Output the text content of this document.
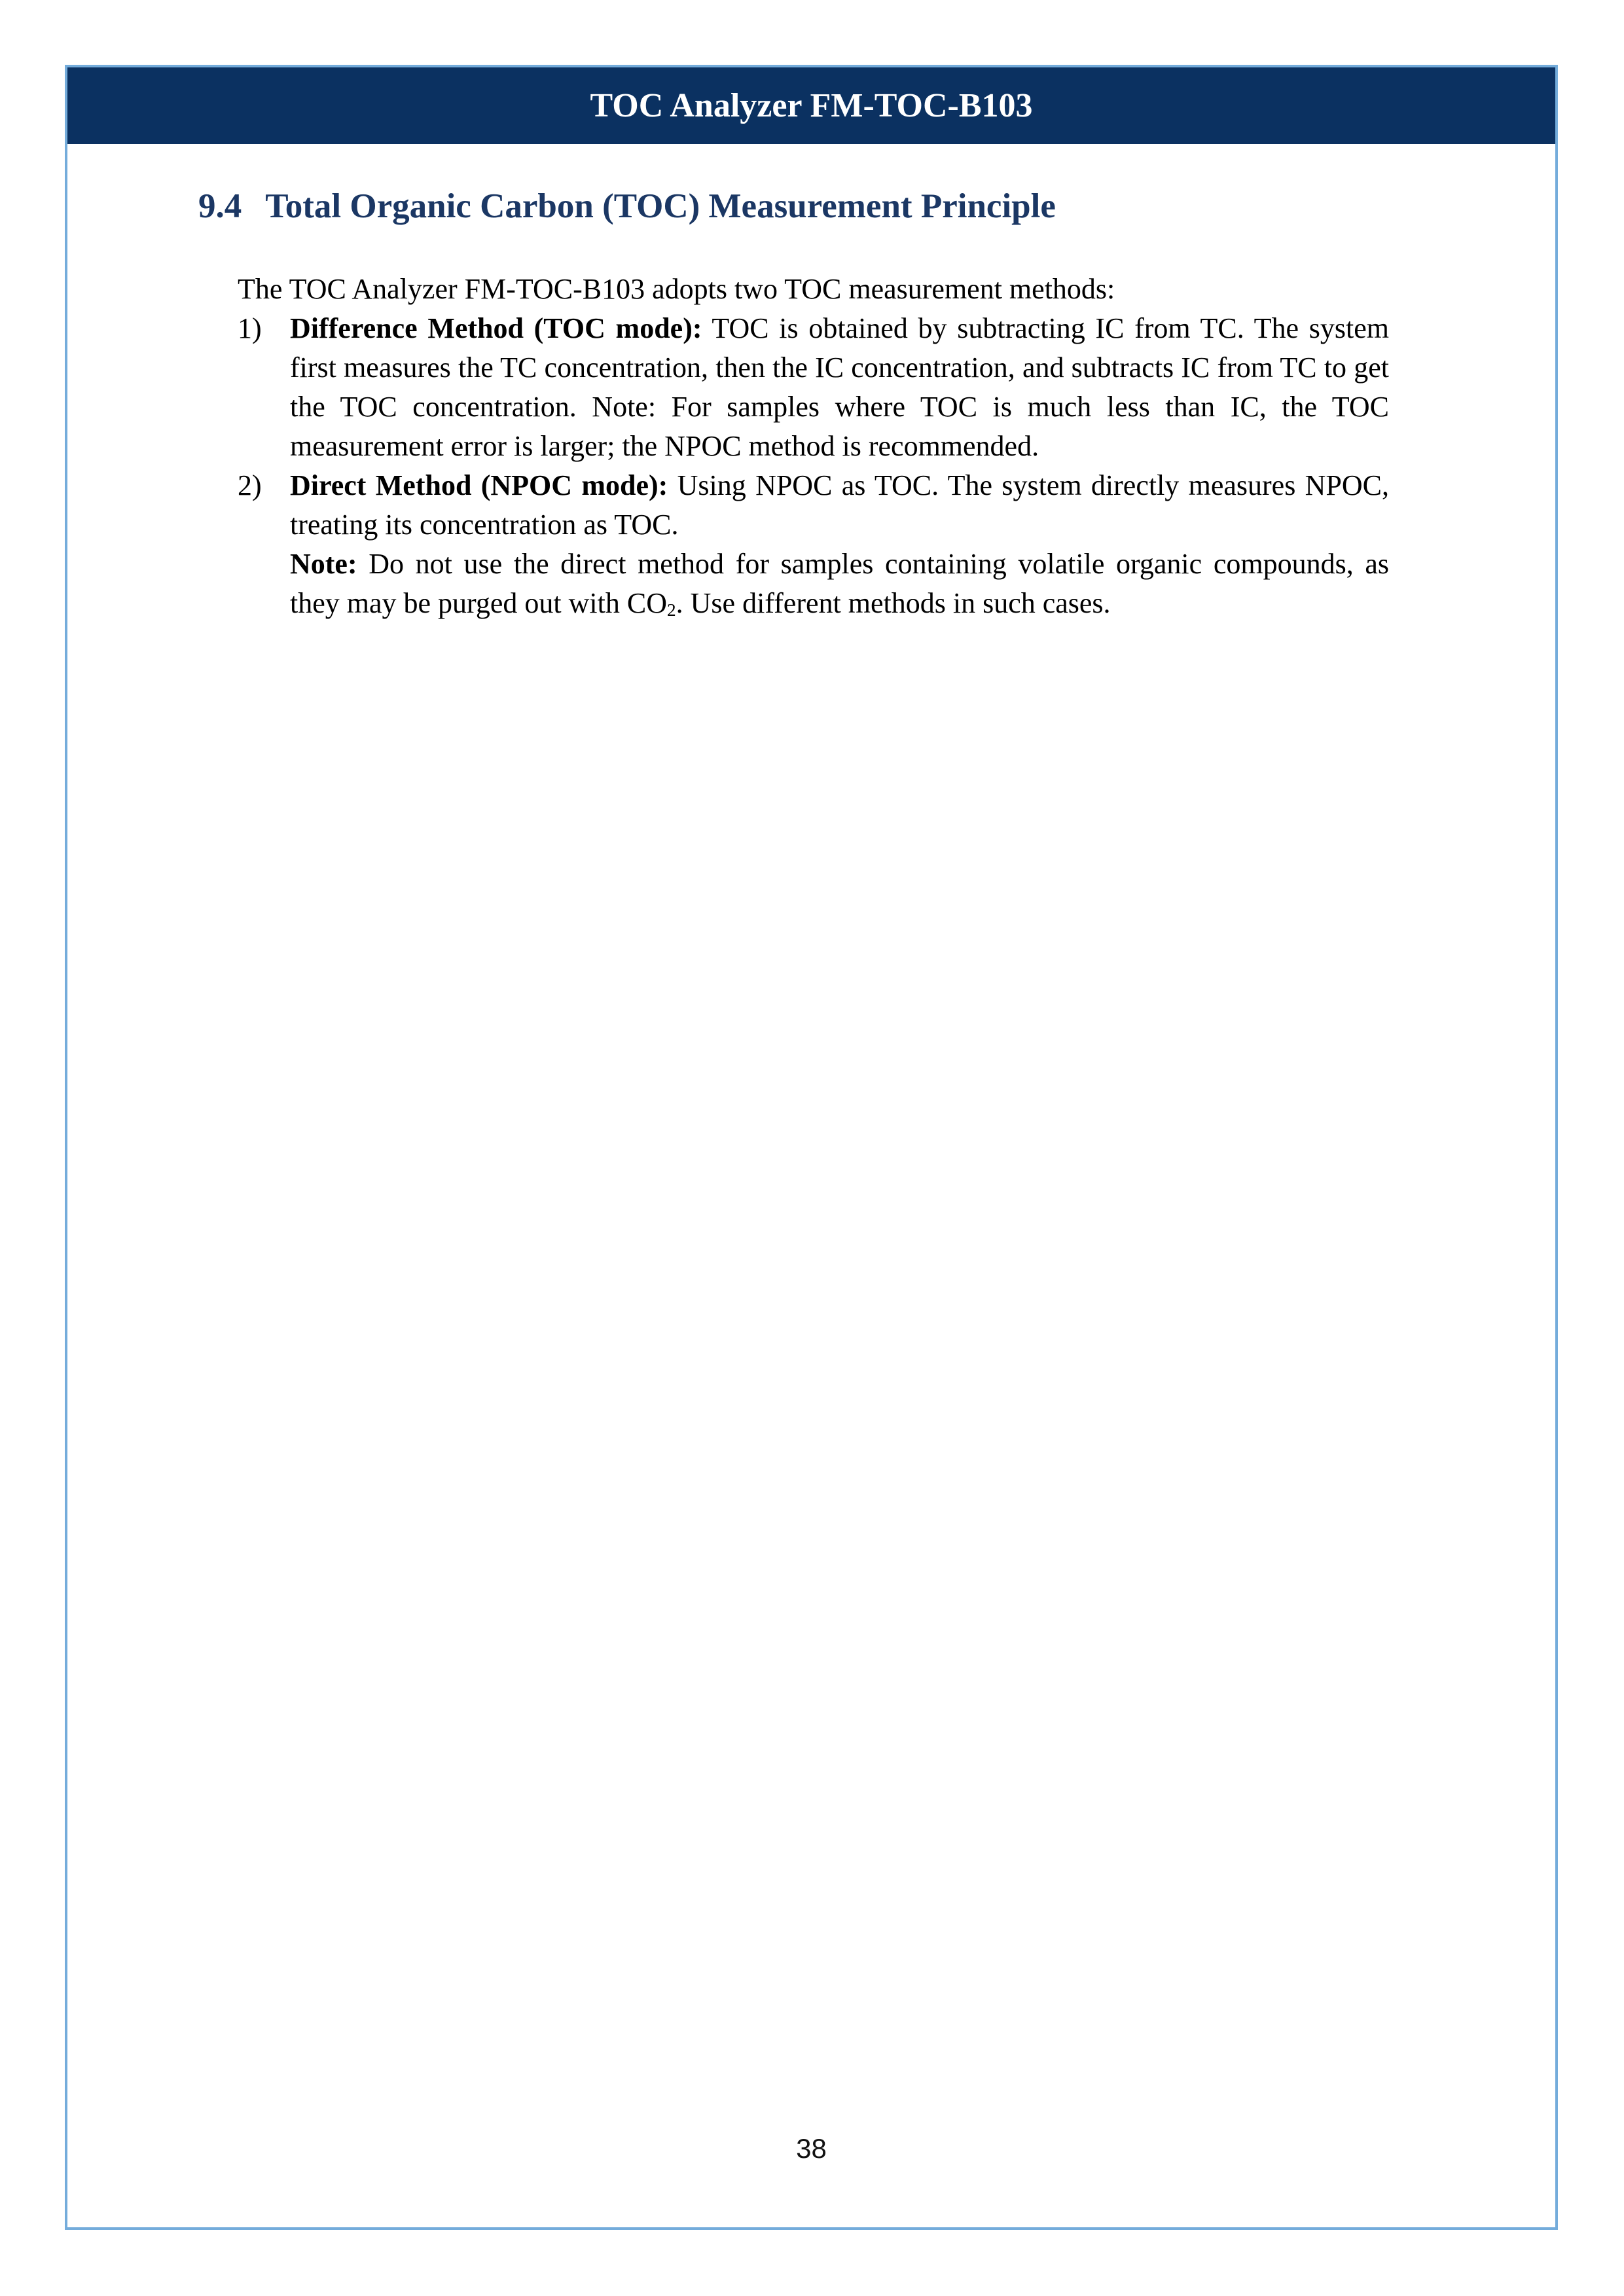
TOC Analyzer FM-TOC-B103
9.4 Total Organic Carbon (TOC) Measurement Principle

The TOC Analyzer FM-TOC-B103 adopts two TOC measurement methods:

1) Difference Method (TOC mode): TOC is obtained by subtracting IC from TC. The system first measures the TC concentration, then the IC concentration, and subtracts IC from TC to get the TOC concentration. Note: For samples where TOC is much less than IC, the TOC measurement error is larger; the NPOC method is recommended.

2) Direct Method (NPOC mode): Using NPOC as TOC. The system directly measures NPOC, treating its concentration as TOC.

Note: Do not use the direct method for samples containing volatile organic compounds, as they may be purged out with $CO_2$. Use different methods in such cases.

38
